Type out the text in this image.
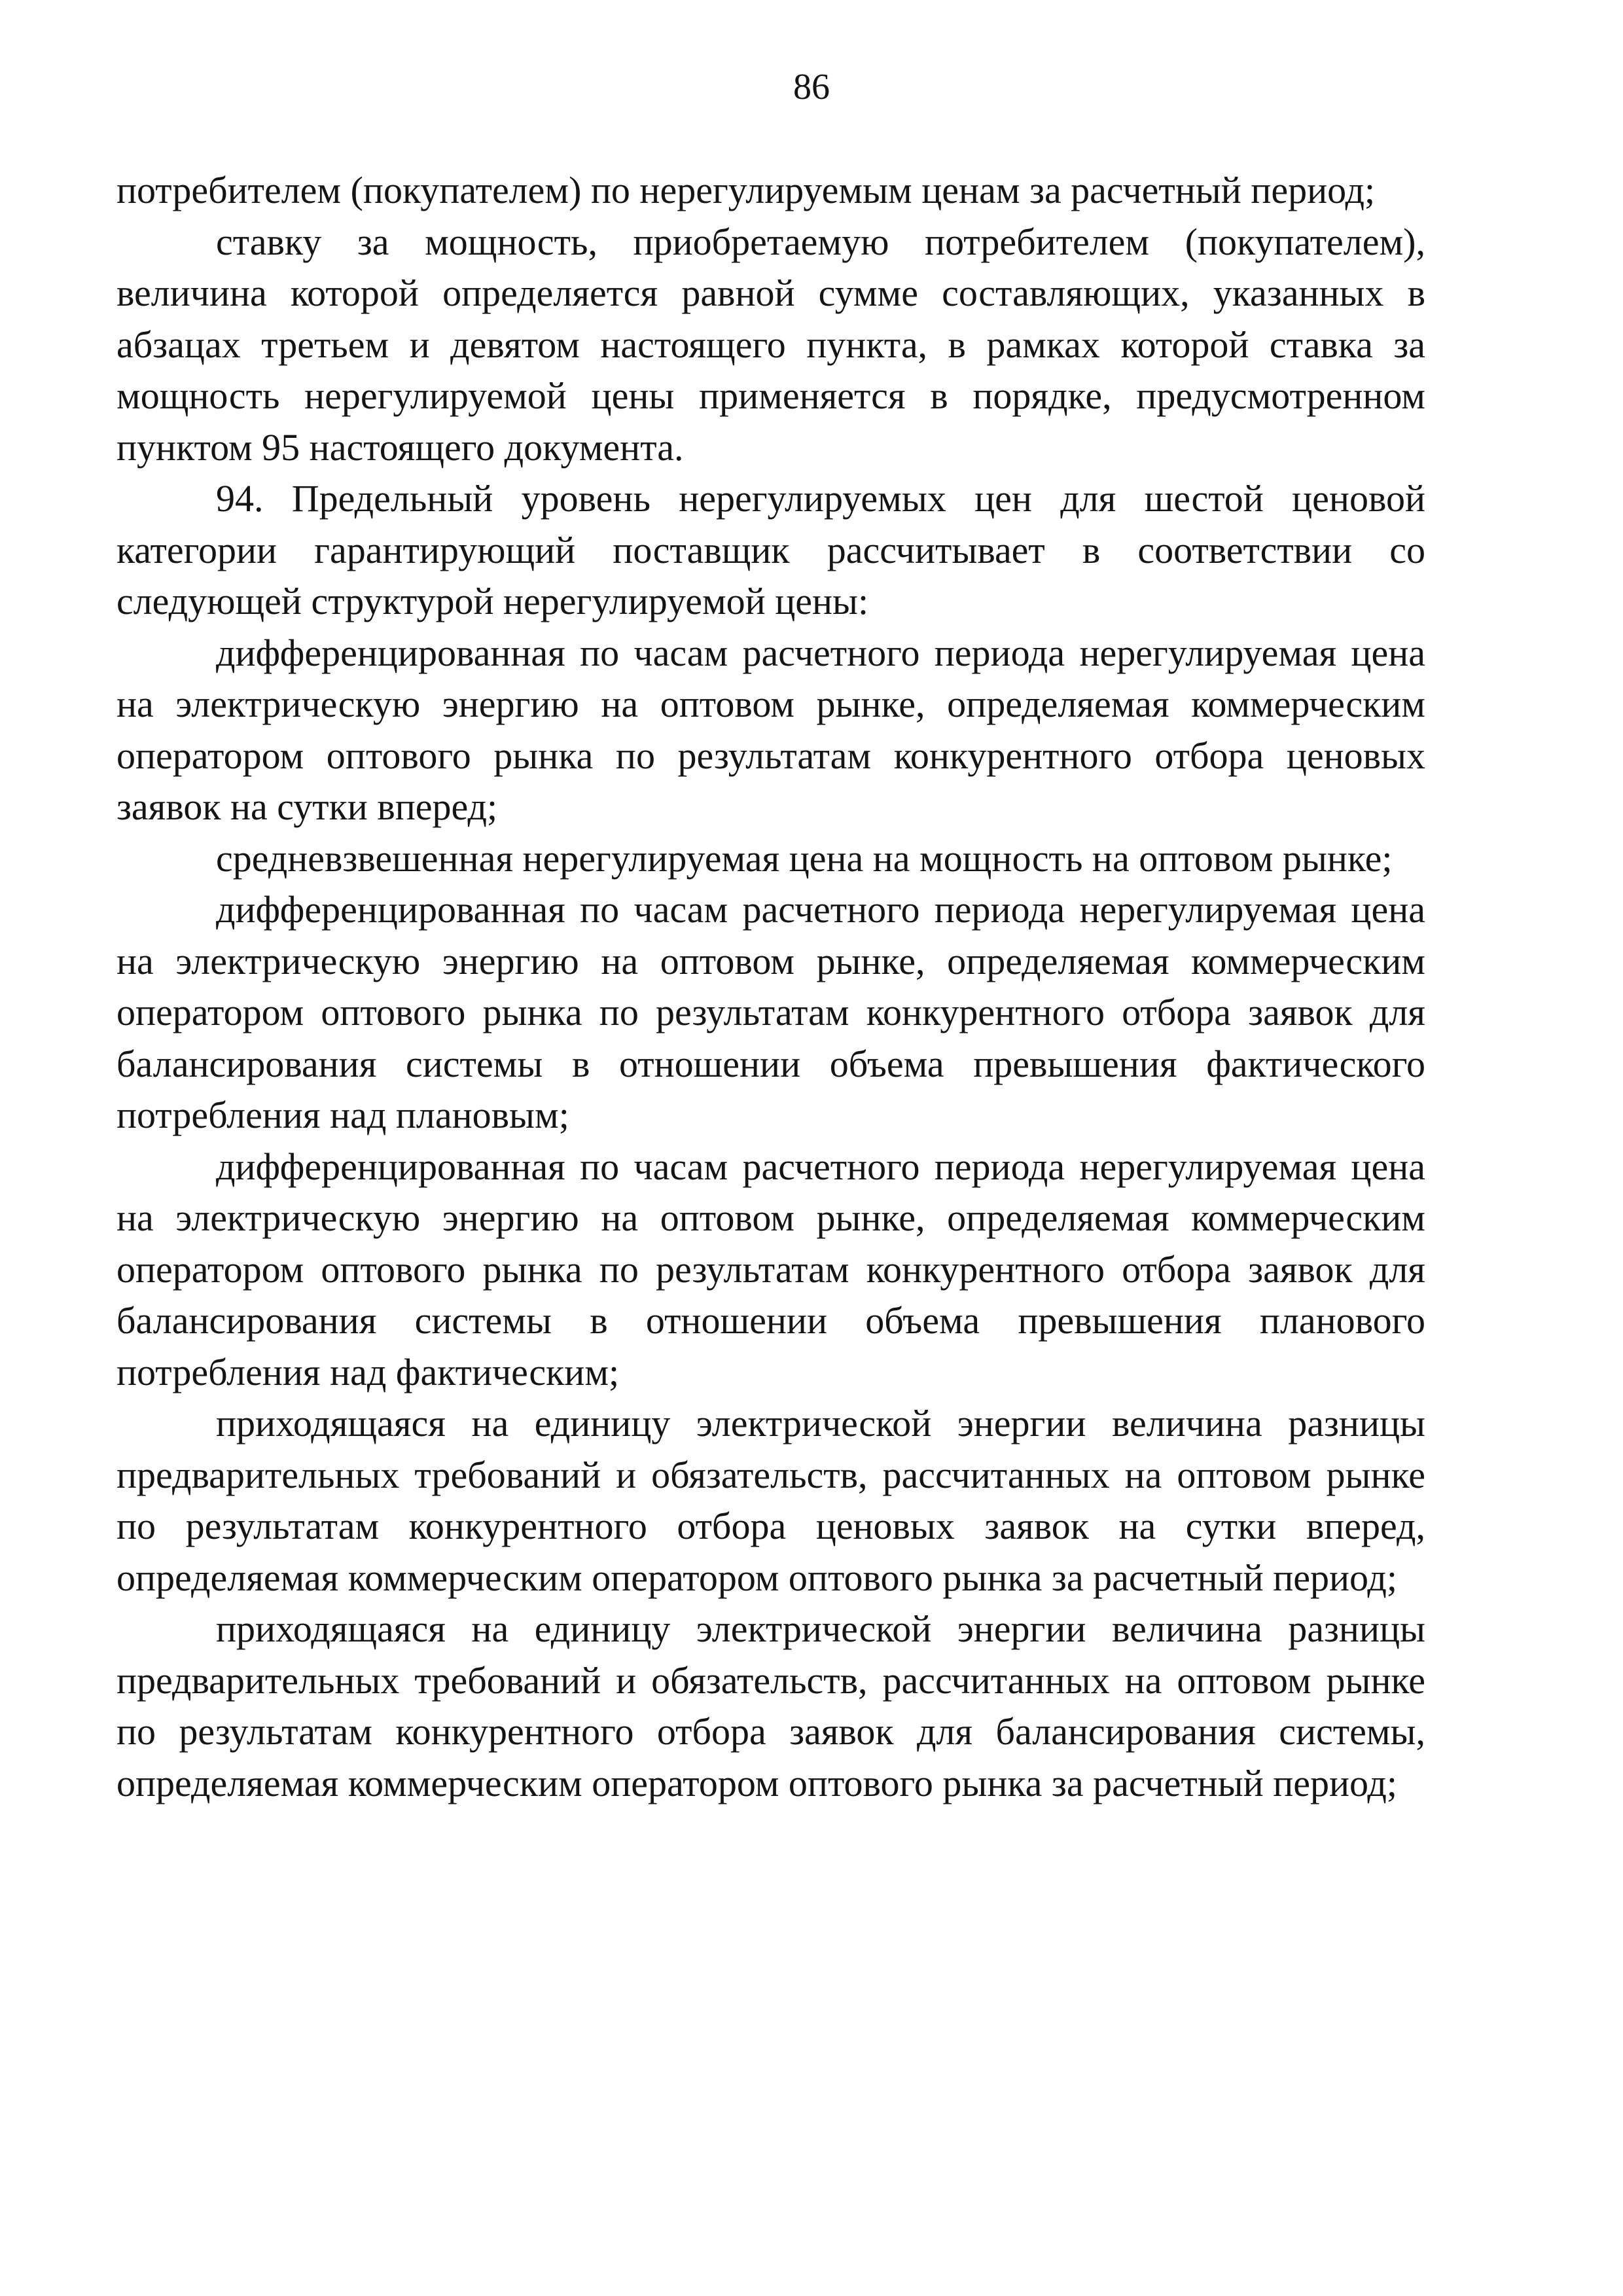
86

потребителем (покупателем) по нерегулируемым ценам за расчетный период;

ставку за мощность, приобретаемую потребителем (покупателем), величина которой определяется равной сумме составляющих, указанных в абзацах третьем и девятом настоящего пункта, в рамках которой ставка за мощность нерегулируемой цены применяется в порядке, предусмотренном пунктом 95 настоящего документа.

94. Предельный уровень нерегулируемых цен для шестой ценовой категории гарантирующий поставщик рассчитывает в соответствии со следующей структурой нерегулируемой цены:

дифференцированная по часам расчетного периода нерегулируемая цена на электрическую энергию на оптовом рынке, определяемая коммерческим оператором оптового рынка по результатам конкурентного отбора ценовых заявок на сутки вперед;

средневзвешенная нерегулируемая цена на мощность на оптовом рынке;

дифференцированная по часам расчетного периода нерегулируемая цена на электрическую энергию на оптовом рынке, определяемая коммерческим оператором оптового рынка по результатам конкурентного отбора заявок для балансирования системы в отношении объема превышения фактического потребления над плановым;

дифференцированная по часам расчетного периода нерегулируемая цена на электрическую энергию на оптовом рынке, определяемая коммерческим оператором оптового рынка по результатам конкурентного отбора заявок для балансирования системы в отношении объема превышения планового потребления над фактическим;

приходящаяся на единицу электрической энергии величина разницы предварительных требований и обязательств, рассчитанных на оптовом рынке по результатам конкурентного отбора ценовых заявок на сутки вперед, определяемая коммерческим оператором оптового рынка за расчетный период;

приходящаяся на единицу электрической энергии величина разницы предварительных требований и обязательств, рассчитанных на оптовом рынке по результатам конкурентного отбора заявок для балансирования системы, определяемая коммерческим оператором оптового рынка за расчетный период;
